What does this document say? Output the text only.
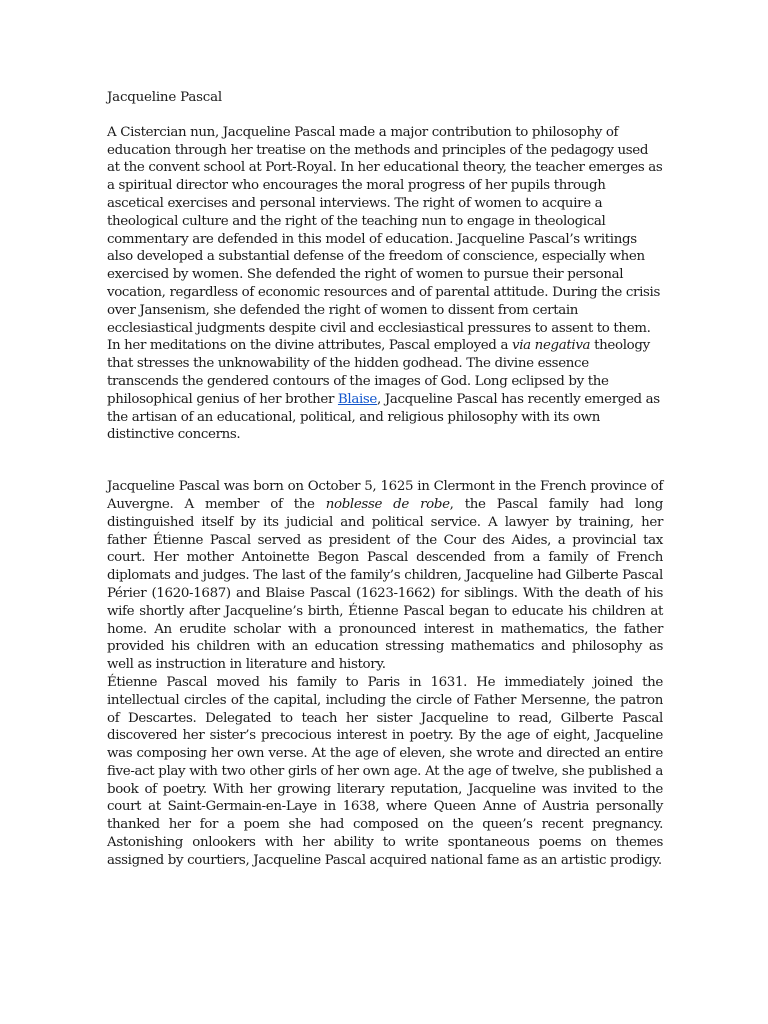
Jacqueline Pascal

A Cistercian nun, Jacqueline Pascal made a major contribution to philosophy of education through her treatise on the methods and principles of the pedagogy used at the convent school at Port-Royal. In her educational theory, the teacher emerges as a spiritual director who encourages the moral progress of her pupils through ascetical exercises and personal interviews. The right of women to acquire a theological culture and the right of the teaching nun to engage in theological commentary are defended in this model of education. Jacqueline Pascal’s writings also developed a substantial defense of the freedom of conscience, especially when exercised by women. She defended the right of women to pursue their personal vocation, regardless of economic resources and of parental attitude. During the crisis over Jansenism, she defended the right of women to dissent from certain ecclesiastical judgments despite civil and ecclesiastical pressures to assent to them. In her meditations on the divine attributes, Pascal employed a via negativa theology that stresses the unknowability of the hidden godhead. The divine essence transcends the gendered contours of the images of God. Long eclipsed by the philosophical genius of her brother Blaise, Jacqueline Pascal has recently emerged as the artisan of an educational, political, and religious philosophy with its own distinctive concerns.

Jacqueline Pascal was born on October 5, 1625 in Clermont in the French province of Auvergne. A member of the noblesse de robe, the Pascal family had long distinguished itself by its judicial and political service. A lawyer by training, her father Étienne Pascal served as president of the Cour des Aides, a provincial tax court. Her mother Antoinette Begon Pascal descended from a family of French diplomats and judges. The last of the family’s children, Jacqueline had Gilberte Pascal Périer (1620-1687) and Blaise Pascal (1623-1662) for siblings. With the death of his wife shortly after Jacqueline’s birth, Étienne Pascal began to educate his children at home. An erudite scholar with a pronounced interest in mathematics, the father provided his children with an education stressing mathematics and philosophy as well as instruction in literature and history.

Étienne Pascal moved his family to Paris in 1631. He immediately joined the intellectual circles of the capital, including the circle of Father Mersenne, the patron of Descartes. Delegated to teach her sister Jacqueline to read, Gilberte Pascal discovered her sister’s precocious interest in poetry. By the age of eight, Jacqueline was composing her own verse. At the age of eleven, she wrote and directed an entire five-act play with two other girls of her own age. At the age of twelve, she published a book of poetry. With her growing literary reputation, Jacqueline was invited to the court at Saint-Germain-en-Laye in 1638, where Queen Anne of Austria personally thanked her for a poem she had composed on the queen’s recent pregnancy. Astonishing onlookers with her ability to write spontaneous poems on themes assigned by courtiers, Jacqueline Pascal acquired national fame as an artistic prodigy.
